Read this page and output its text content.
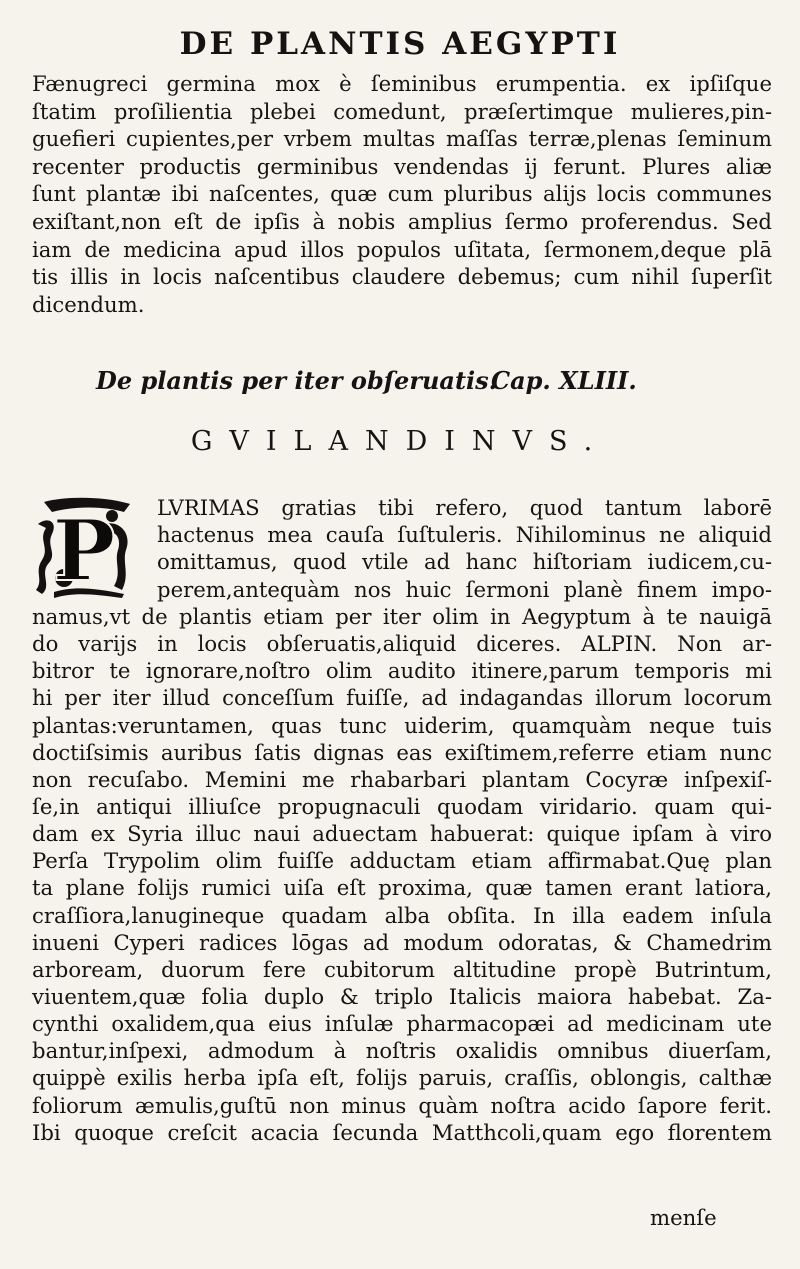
DE PLANTIS AEGYPTI
Fænugreci germina mox è ſeminibus erumpentia. ex ipſiſque
ſtatim proſilientia plebei comedunt, præſertimque mulieres,pin-
guefieri cupientes,per vrbem multas maſſas terræ,plenas ſeminum
recenter productis germinibus vendendas ij ferunt. Plures aliæ
ſunt plantæ ibi naſcentes, quæ cum pluribus alijs locis communes
exiſtant,non eſt de ipſis à nobis amplius ſermo proferendus. Sed
iam de medicina apud illos populos uſitata, ſermonem,deque plā
tis illis in locis naſcentibus claudere debemus; cum nihil ſuperſit
dicendum.
De plantis per iter obſeruatis.
Cap. XLIII.
GVILANDINVS.
P LVRIMAS gratias tibi refero, quod tantum laborē
hactenus mea cauſa ſuſtuleris. Nihilominus ne aliquid
omittamus, quod vtile ad hanc hiſtoriam iudicem,cu-
perem,antequàm nos huic ſermoni planè finem impo-
namus,vt de plantis etiam per iter olim in Aegyptum à te nauigā
do varijs in locis obſeruatis,aliquid diceres. ALPIN. Non ar-
bitror te ignorare,noſtro olim audito itinere,parum temporis mi
hi per iter illud conceſſum fuiſſe, ad indagandas illorum locorum
plantas:veruntamen, quas tunc uiderim, quamquàm neque tuis
doctiſsimis auribus ſatis dignas eas exiſtimem,referre etiam nunc
non recuſabo. Memini me rhabarbari plantam Cocyræ inſpexiſ-
ſe,in antiqui illiuſce propugnaculi quodam viridario. quam qui-
dam ex Syria illuc naui aduectam habuerat: quique ipſam à viro
Perſa Trypolim olim fuiſſe adductam etiam affirmabat.Quę plan
ta plane folijs rumici uiſa eſt proxima, quæ tamen erant latiora,
craſſiora,lanugineque quadam alba obſita. In illa eadem inſula
inueni Cyperi radices lōgas ad modum odoratas, & Chamedrim
arboream, duorum fere cubitorum altitudine propè Butrintum,
viuentem,quæ folia duplo & triplo Italicis maiora habebat. Za-
cynthi oxalidem,qua eius inſulæ pharmacopæi ad medicinam ute
bantur,inſpexi, admodum à noſtris oxalidis omnibus diuerſam,
quippè exilis herba ipſa eſt, folijs paruis, craſſis, oblongis, calthæ
foliorum æmulis,guſtū non minus quàm noſtra acido ſapore ferit.
Ibi quoque creſcit acacia ſecunda Matthcoli,quam ego florentem
menſe
